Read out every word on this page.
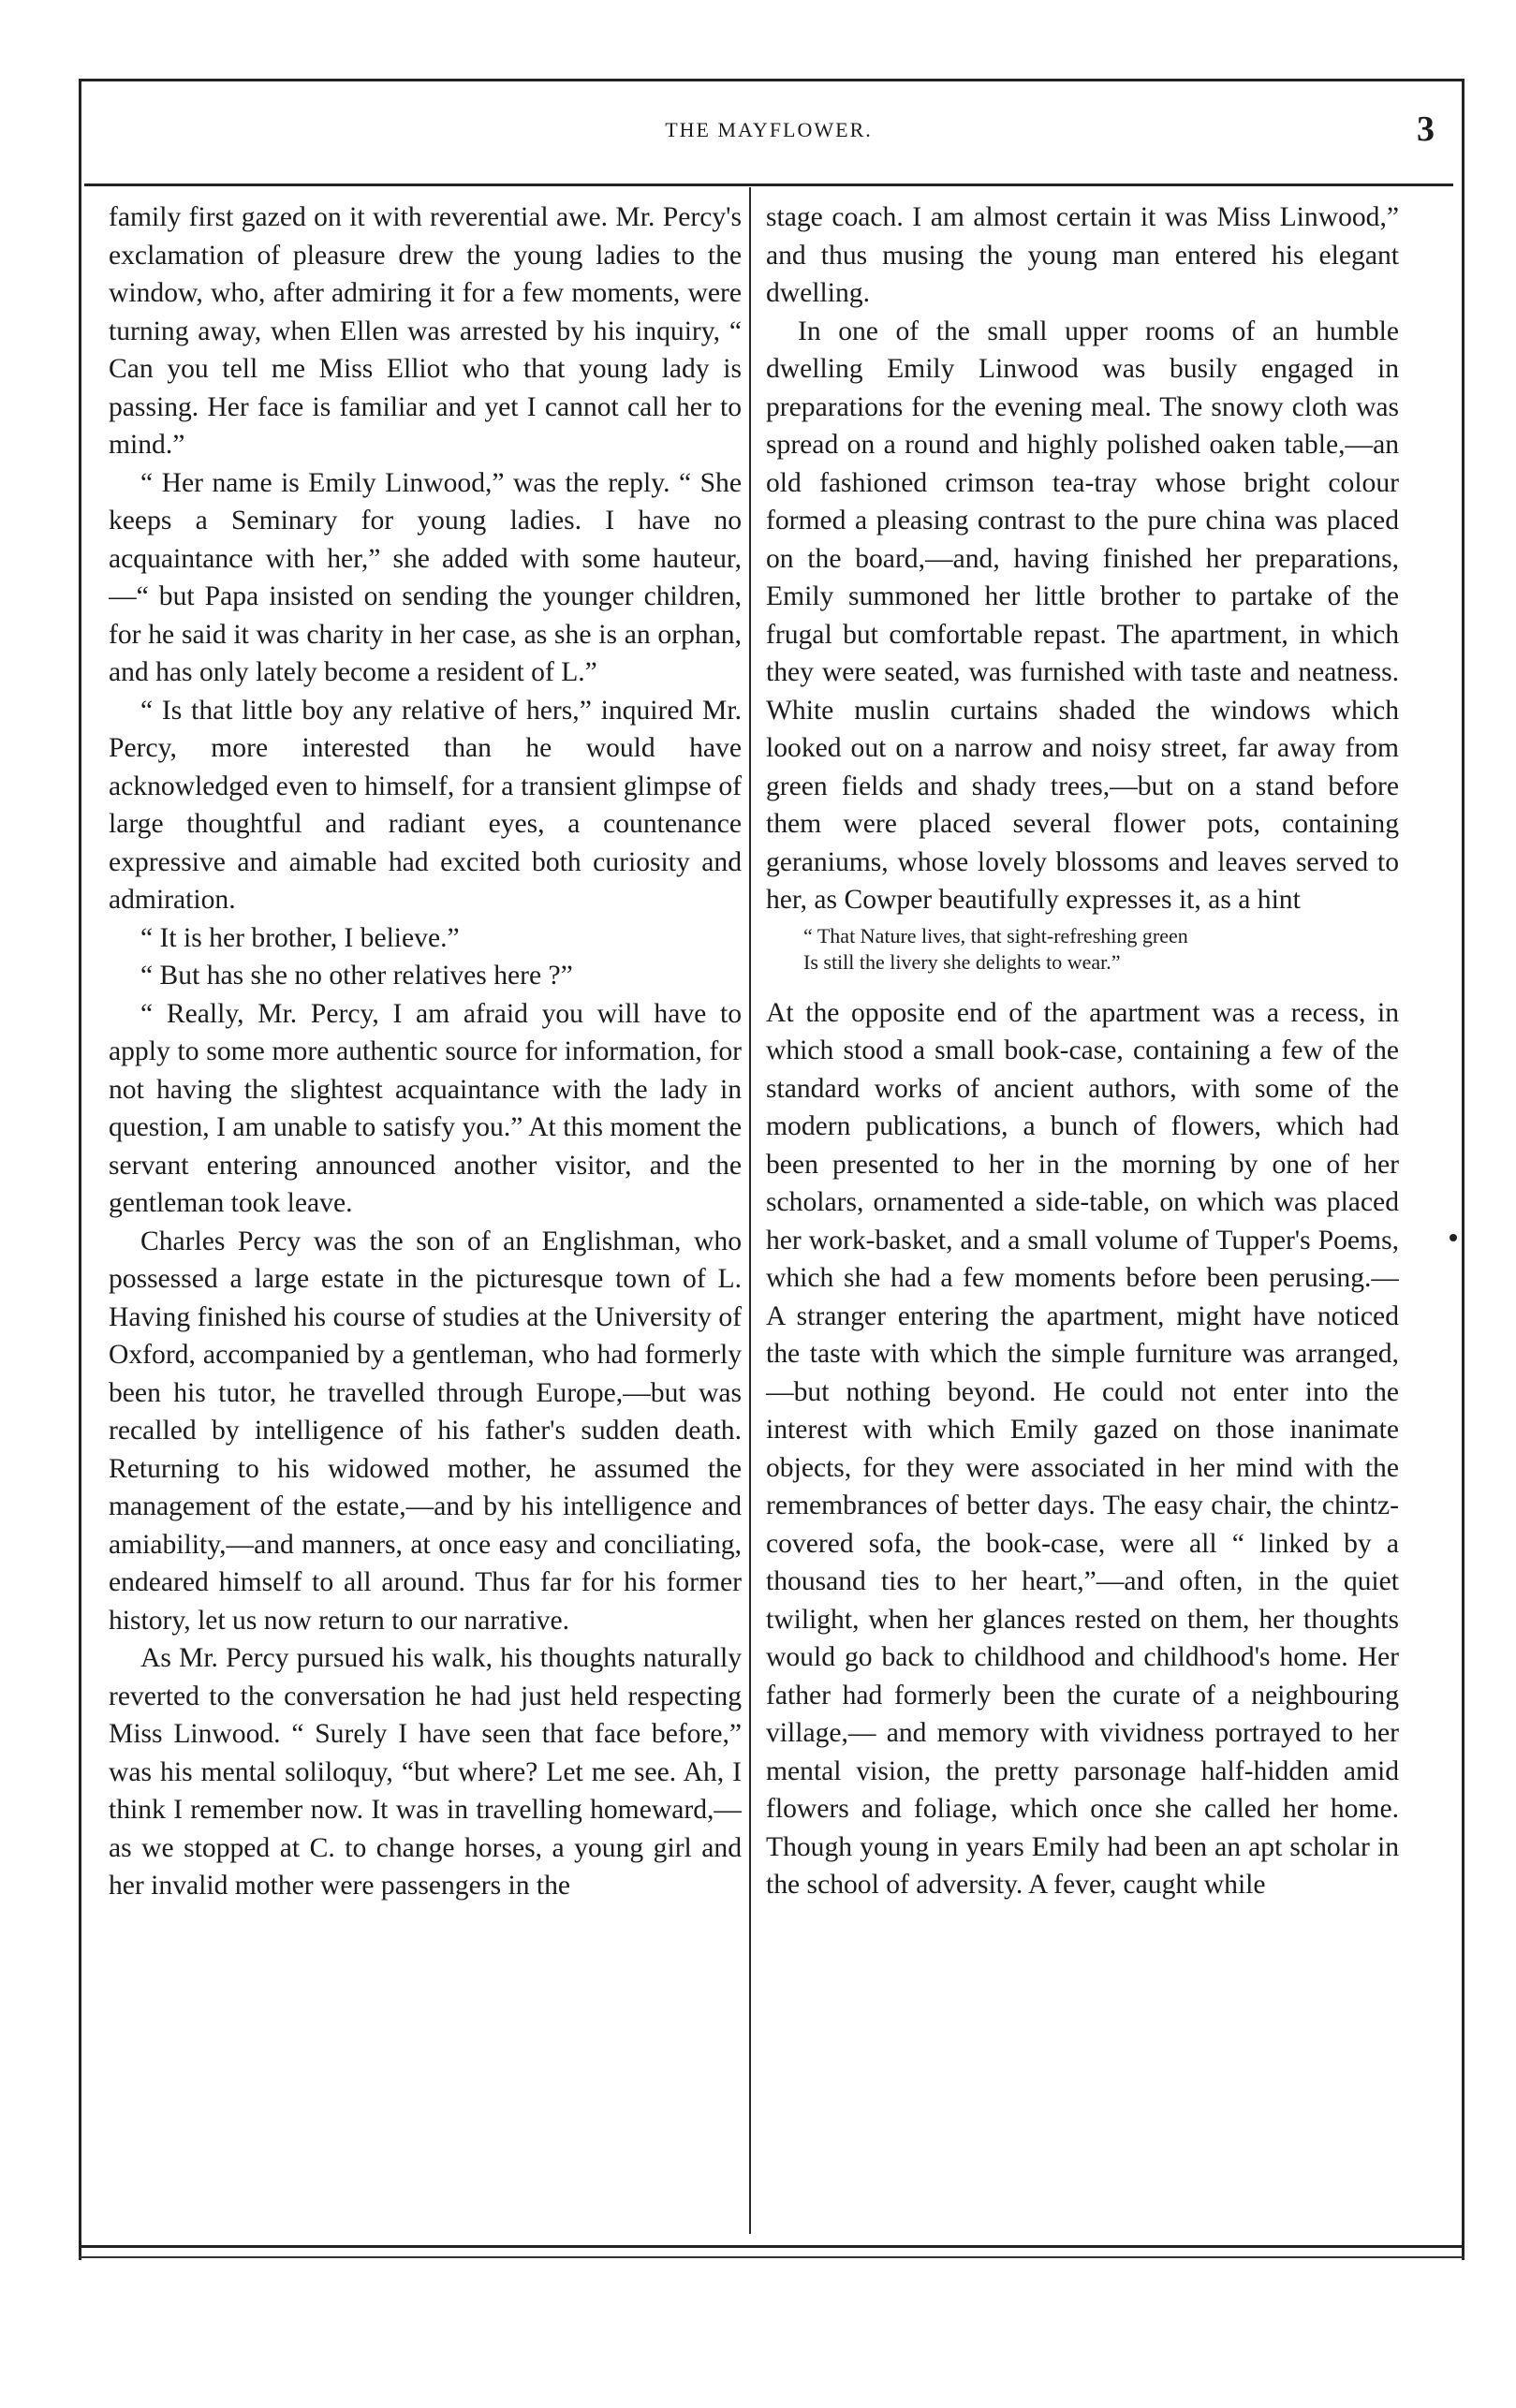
THE MAYFLOWER.	3

family first gazed on it with reverential awe. Mr. Percy's exclamation of pleasure drew the young ladies to the window, who, after admiring it for a few moments, were turning away, when Ellen was arrested by his inquiry, “ Can you tell me Miss Elliot who that young lady is passing. Her face is familiar and yet I cannot call her to mind.”

“ Her name is Emily Linwood,” was the reply. “ She keeps a Seminary for young ladies. I have no acquaintance with her,” she added with some hauteur,—“ but Papa insisted on sending the younger children, for he said it was charity in her case, as she is an orphan, and has only lately become a resident of L.”

“ Is that little boy any relative of hers,” inquired Mr. Percy, more interested than he would have acknowledged even to himself, for a transient glimpse of large thoughtful and radiant eyes, a countenance expressive and aimable had excited both curiosity and admiration.

“ It is her brother, I believe.”

“ But has she no other relatives here ?”

“ Really, Mr. Percy, I am afraid you will have to apply to some more authentic source for information, for not having the slightest acquaintance with the lady in question, I am unable to satisfy you.” At this moment the servant entering announced another visitor, and the gentleman took leave.

Charles Percy was the son of an Englishman, who possessed a large estate in the picturesque town of L. Having finished his course of studies at the University of Oxford, accompanied by a gentleman, who had formerly been his tutor, he travelled through Europe,—but was recalled by intelligence of his father's sudden death. Returning to his widowed mother, he assumed the management of the estate,—and by his intelligence and amiability,—and manners, at once easy and conciliating, endeared himself to all around. Thus far for his former history, let us now return to our narrative.

As Mr. Percy pursued his walk, his thoughts naturally reverted to the conversation he had just held respecting Miss Linwood. “ Surely I have seen that face before,” was his mental soliloquy, “but where? Let me see. Ah, I think I remember now. It was in travelling homeward,—as we stopped at C. to change horses, a young girl and her invalid mother were passengers in the

stage coach. I am almost certain it was Miss Linwood,” and thus musing the young man entered his elegant dwelling.

In one of the small upper rooms of an humble dwelling Emily Linwood was busily engaged in preparations for the evening meal. The snowy cloth was spread on a round and highly polished oaken table,—an old fashioned crimson tea-tray whose bright colour formed a pleasing contrast to the pure china was placed on the board,—and, having finished her preparations, Emily summoned her little brother to partake of the frugal but comfortable repast. The apartment, in which they were seated, was furnished with taste and neatness. White muslin curtains shaded the windows which looked out on a narrow and noisy street, far away from green fields and shady trees,—but on a stand before them were placed several flower pots, containing geraniums, whose lovely blossoms and leaves served to her, as Cowper beautifully expresses it, as a hint

“ That Nature lives, that sight-refreshing green
Is still the livery she delights to wear.”

At the opposite end of the apartment was a recess, in which stood a small book-case, containing a few of the standard works of ancient authors, with some of the modern publications, a bunch of flowers, which had been presented to her in the morning by one of her scholars, ornamented a side-table, on which was placed her work-basket, and a small volume of Tupper's Poems, which she had a few moments before been perusing.— A stranger entering the apartment, might have noticed the taste with which the simple furniture was arranged,—but nothing beyond. He could not enter into the interest with which Emily gazed on those inanimate objects, for they were associated in her mind with the remembrances of better days. The easy chair, the chintz-covered sofa, the book-case, were all “ linked by a thousand ties to her heart,”—and often, in the quiet twilight, when her glances rested on them, her thoughts would go back to childhood and childhood's home. Her father had formerly been the curate of a neighbouring village,— and memory with vividness portrayed to her mental vision, the pretty parsonage half-hidden amid flowers and foliage, which once she called her home. Though young in years Emily had been an apt scholar in the school of adversity. A fever, caught while
